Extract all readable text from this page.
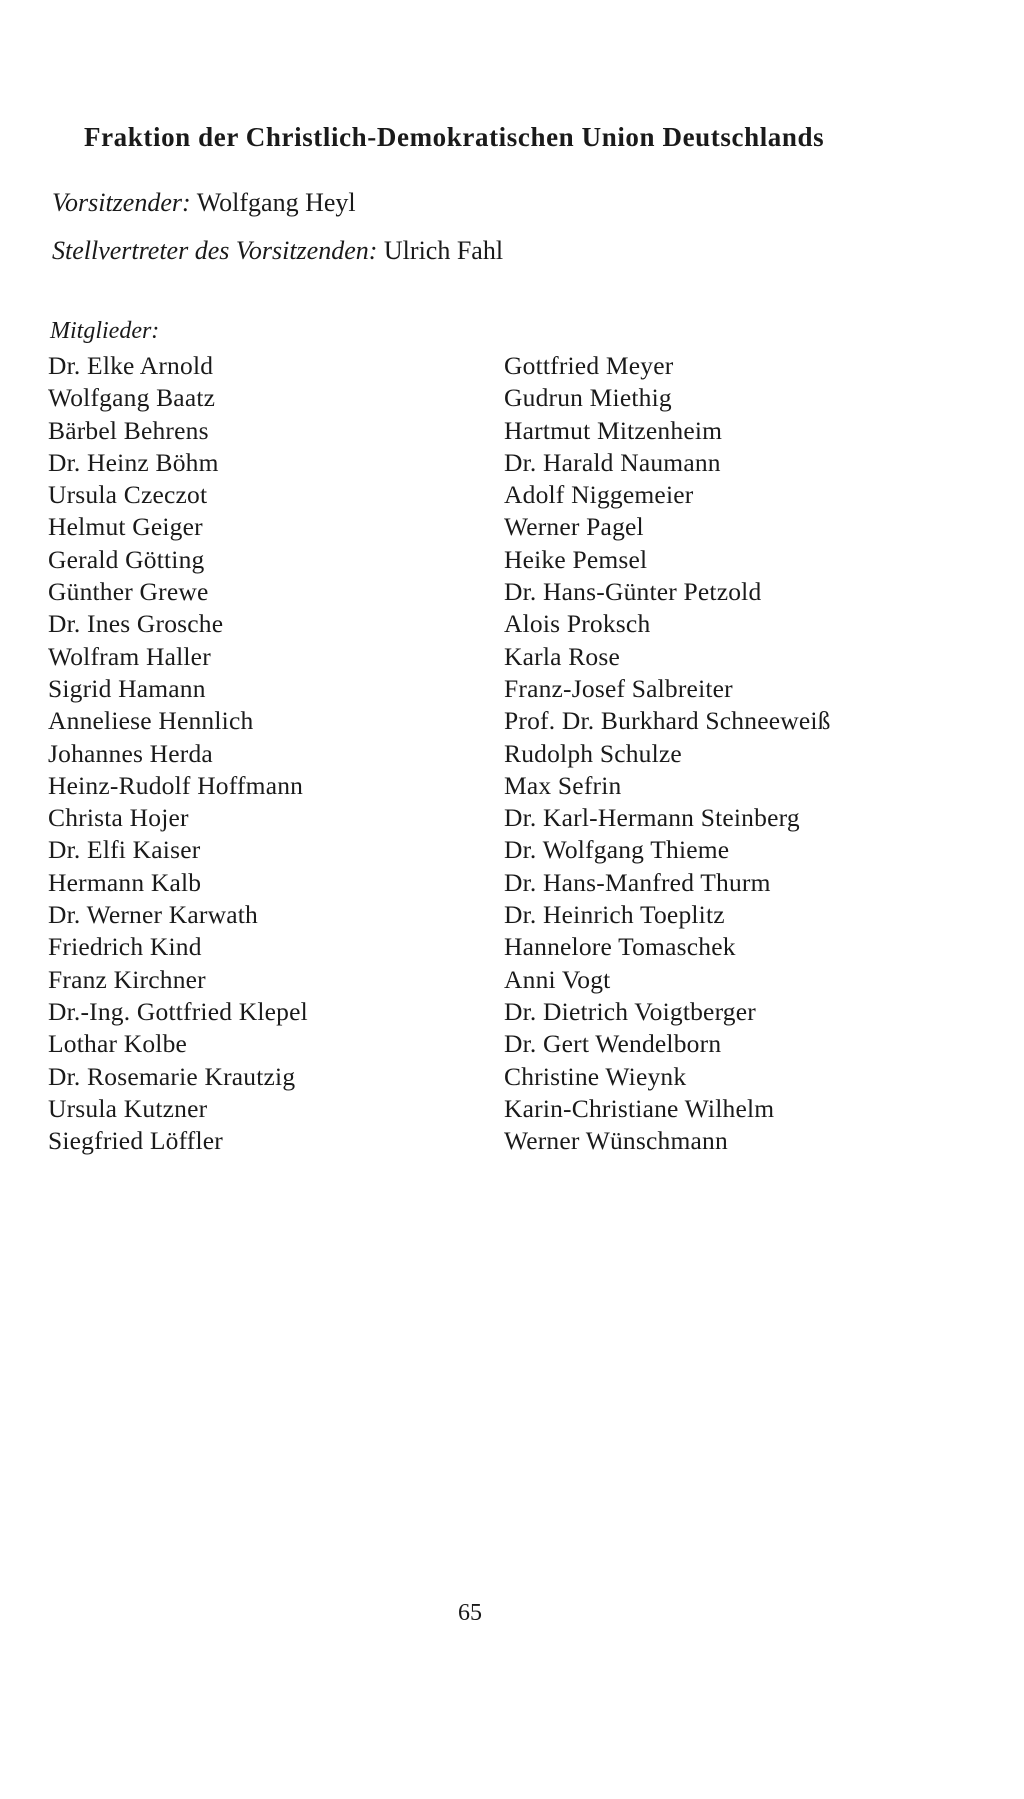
Fraktion der Christlich-Demokratischen Union Deutschlands
Vorsitzender: Wolfgang Heyl
Stellvertreter des Vorsitzenden: Ulrich Fahl
Mitglieder:
Dr. Elke Arnold
Wolfgang Baatz
Bärbel Behrens
Dr. Heinz Böhm
Ursula Czeczot
Helmut Geiger
Gerald Götting
Günther Grewe
Dr. Ines Grosche
Wolfram Haller
Sigrid Hamann
Anneliese Hennlich
Johannes Herda
Heinz-Rudolf Hoffmann
Christa Hojer
Dr. Elfi Kaiser
Hermann Kalb
Dr. Werner Karwath
Friedrich Kind
Franz Kirchner
Dr.-Ing. Gottfried Klepel
Lothar Kolbe
Dr. Rosemarie Krautzig
Ursula Kutzner
Siegfried Löffler
Gottfried Meyer
Gudrun Miethig
Hartmut Mitzenheim
Dr. Harald Naumann
Adolf Niggemeier
Werner Pagel
Heike Pemsel
Dr. Hans-Günter Petzold
Alois Proksch
Karla Rose
Franz-Josef Salbreiter
Prof. Dr. Burkhard Schneeweiß
Rudolph Schulze
Max Sefrin
Dr. Karl-Hermann Steinberg
Dr. Wolfgang Thieme
Dr. Hans-Manfred Thurm
Dr. Heinrich Toeplitz
Hannelore Tomaschek
Anni Vogt
Dr. Dietrich Voigtberger
Dr. Gert Wendelborn
Christine Wieynk
Karin-Christiane Wilhelm
Werner Wünschmann
65
